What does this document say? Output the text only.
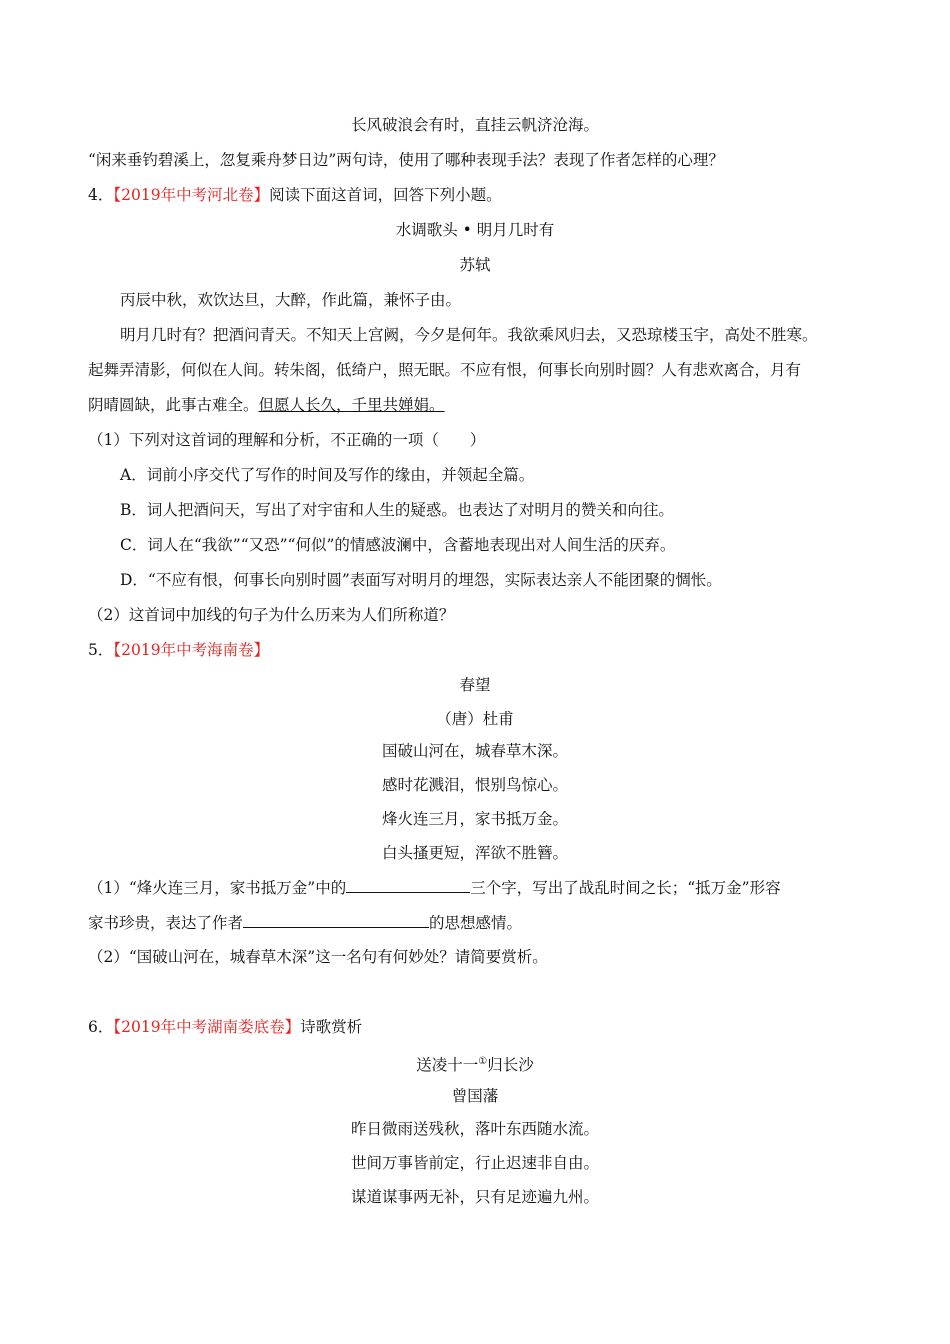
长风破浪会有时，直挂云帆济沧海。
“闲来垂钓碧溪上，忽复乘舟梦日边”两句诗，使用了哪种表现手法？表现了作者怎样的心理？
4．【2019年中考河北卷】阅读下面这首词，回答下列小题。
水调歌头 • 明月几时有
苏轼
丙辰中秋，欢饮达旦，大醉，作此篇，兼怀子由。
明月几时有？把酒问青天。不知天上宫阙，今夕是何年。我欲乘风归去，又恐琼楼玉宇，高处不胜寒。
起舞弄清影，何似在人间。转朱阁，低绮户，照无眠。不应有恨，何事长向别时圆？人有悲欢离合，月有
阴晴圆缺，此事古难全。但愿人长久，千里共婵娟。
（1）下列对这首词的理解和分析，不正确的一项（　　）
A．词前小序交代了写作的时间及写作的缘由，并领起全篇。
B．词人把酒问天，写出了对宇宙和人生的疑惑。也表达了对明月的赞关和向往。
C．词人在“我欲”“又恐”“何似”的情感波澜中，含蓄地表现出对人间生活的厌弃。
D．“不应有恨，何事长向别时圆”表面写对明月的埋怨，实际表达亲人不能团聚的惆怅。
（2）这首词中加线的句子为什么历来为人们所称道？
5．【2019年中考海南卷】
春望
（唐）杜甫
国破山河在，城春草木深。
感时花溅泪，恨别鸟惊心。
烽火连三月，家书抵万金。
白头搔更短，浑欲不胜簪。
（1）“烽火连三月，家书抵万金”中的	三个字，写出了战乱时间之长；“抵万金”形容
家书珍贵，表达了作者	的思想感情。
（2）“国破山河在，城春草木深”这一名句有何妙处？请简要赏析。
6．【2019年中考湖南娄底卷】诗歌赏析
送凌十一①归长沙
曾国藩
昨日微雨送残秋，落叶东西随水流。
世间万事皆前定，行止迟速非自由。
谋道谋事两无补，只有足迹遍九州。
